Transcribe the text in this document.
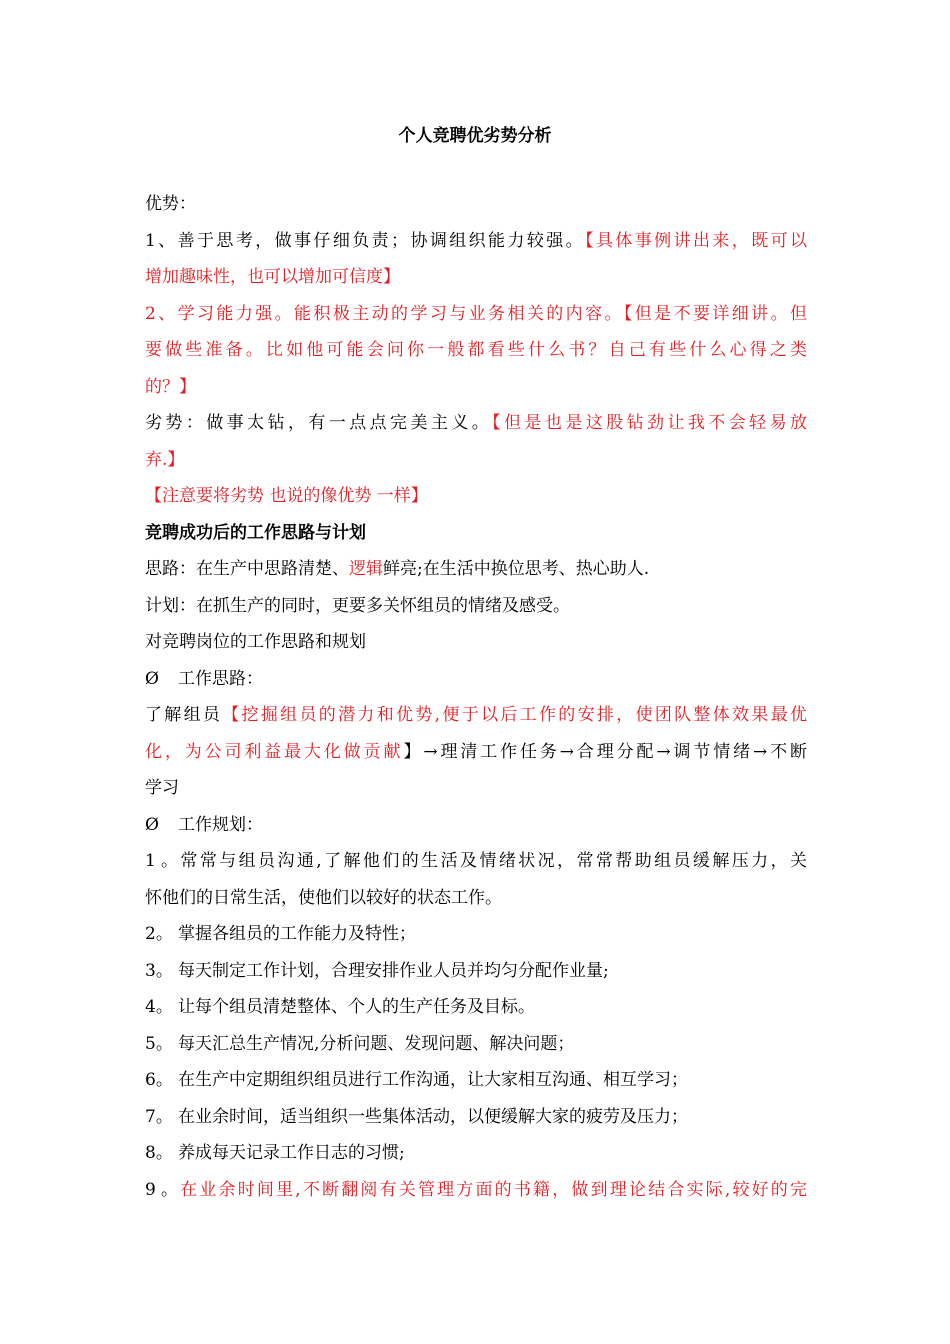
个人竞聘优劣势分析
优势：
1、善于思考，做事仔细负责；协调组织能力较强。【具体事例讲出来，既可以
增加趣味性，也可以增加可信度】
2、学习能力强。能积极主动的学习与业务相关的内容。【但是不要详细讲。但
要做些准备。比如他可能会问你一般都看些什么书？自己有些什么心得之类
的？】
劣势：做事太钻，有一点点完美主义。【但是也是这股钻劲让我不会轻易放
弃.】
【注意要将劣势 也说的像优势 一样】
竞聘成功后的工作思路与计划
思路：在生产中思路清楚、逻辑鲜亮;在生活中换位思考、热心助人.
计划：在抓生产的同时，更要多关怀组员的情绪及感受。
对竞聘岗位的工作思路和规划
Ø 工作思路：
了解组员【挖掘组员的潜力和优势,便于以后工作的安排，使团队整体效果最优
化，为公司利益最大化做贡献】→理清工作任务→合理分配→调节情绪→不断
学习
Ø 工作规划：
1。常常与组员沟通,了解他们的生活及情绪状况，常常帮助组员缓解压力，关
怀他们的日常生活，使他们以较好的状态工作。
2。 掌握各组员的工作能力及特性；
3。 每天制定工作计划，合理安排作业人员并均匀分配作业量;
4。 让每个组员清楚整体、个人的生产任务及目标。
5。 每天汇总生产情况,分析问题、发现问题、解决问题；
6。 在生产中定期组织组员进行工作沟通，让大家相互沟通、相互学习；
7。 在业余时间，适当组织一些集体活动，以便缓解大家的疲劳及压力；
8。 养成每天记录工作日志的习惯;
9。在业余时间里,不断翻阅有关管理方面的书籍，做到理论结合实际,较好的完
